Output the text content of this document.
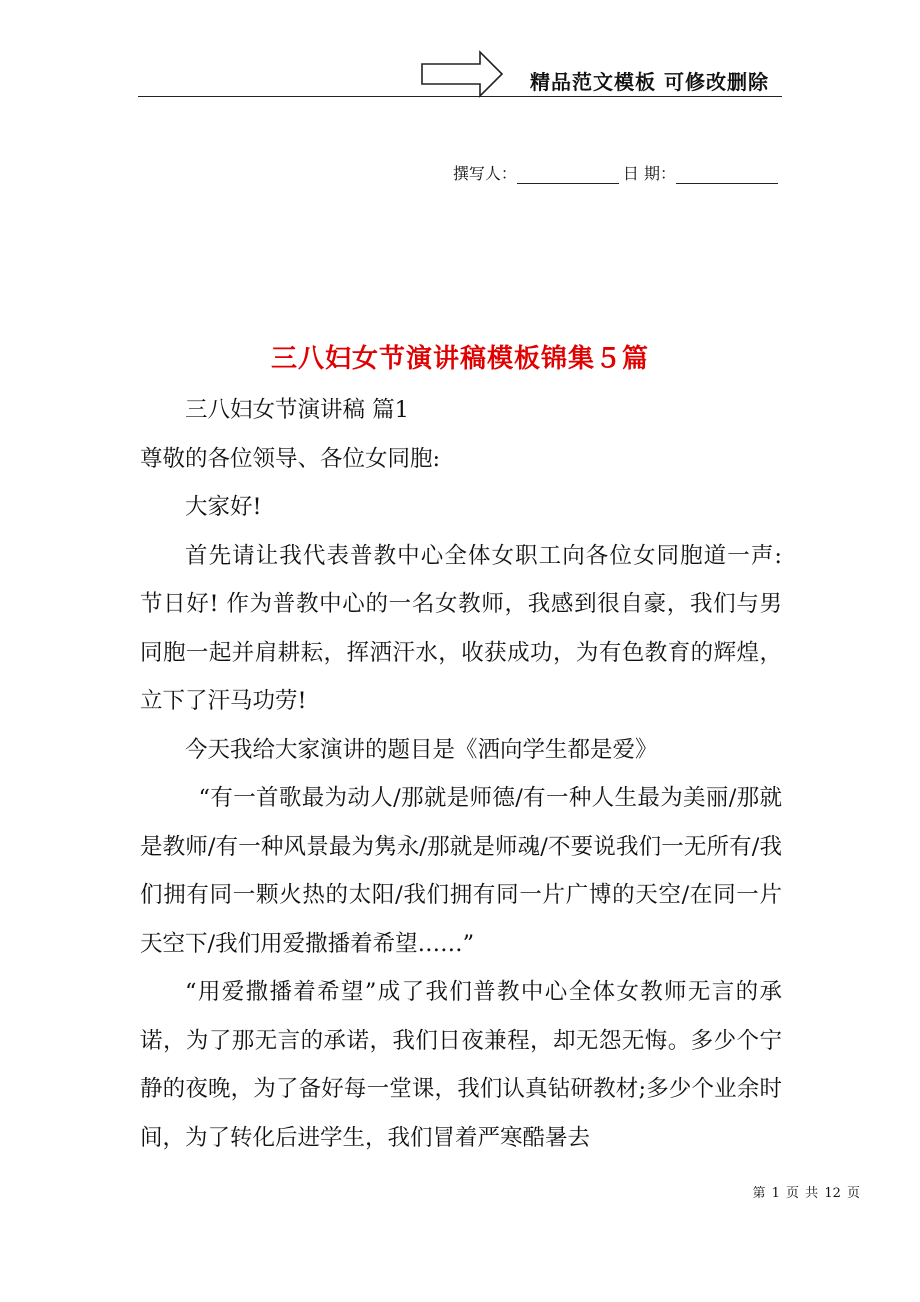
精品范文模板 可修改删除
撰写人：	日 期：
三八妇女节演讲稿模板锦集５篇

三八妇女节演讲稿 篇1

尊敬的各位领导、各位女同胞:

大家好!

首先请让我代表普教中心全体女职工向各位女同胞道一声: 节日好! 作为普教中心的一名女教师，我感到很自豪，我们与男同胞一起并肩耕耘，挥洒汗水，收获成功，为有色教育的辉煌，立下了汗马功劳!

今天我给大家演讲的题目是《洒向学生都是爱》

“有一首歌最为动人/那就是师德/有一种人生最为美丽/那就是教师/有一种风景最为隽永/那就是师魂/不要说我们一无所有/我们拥有同一颗火热的太阳/我们拥有同一片广博的天空/在同一片天空下/我们用爱撒播着希望……”

“用爱撒播着希望”成了我们普教中心全体女教师无言的承诺，为了那无言的承诺，我们日夜兼程，却无怨无悔。多少个宁静的夜晚，为了备好每一堂课，我们认真钻研教材;多少个业余时间，为了转化后进学生，我们冒着严寒酷暑去

第 1 页 共 12 页
